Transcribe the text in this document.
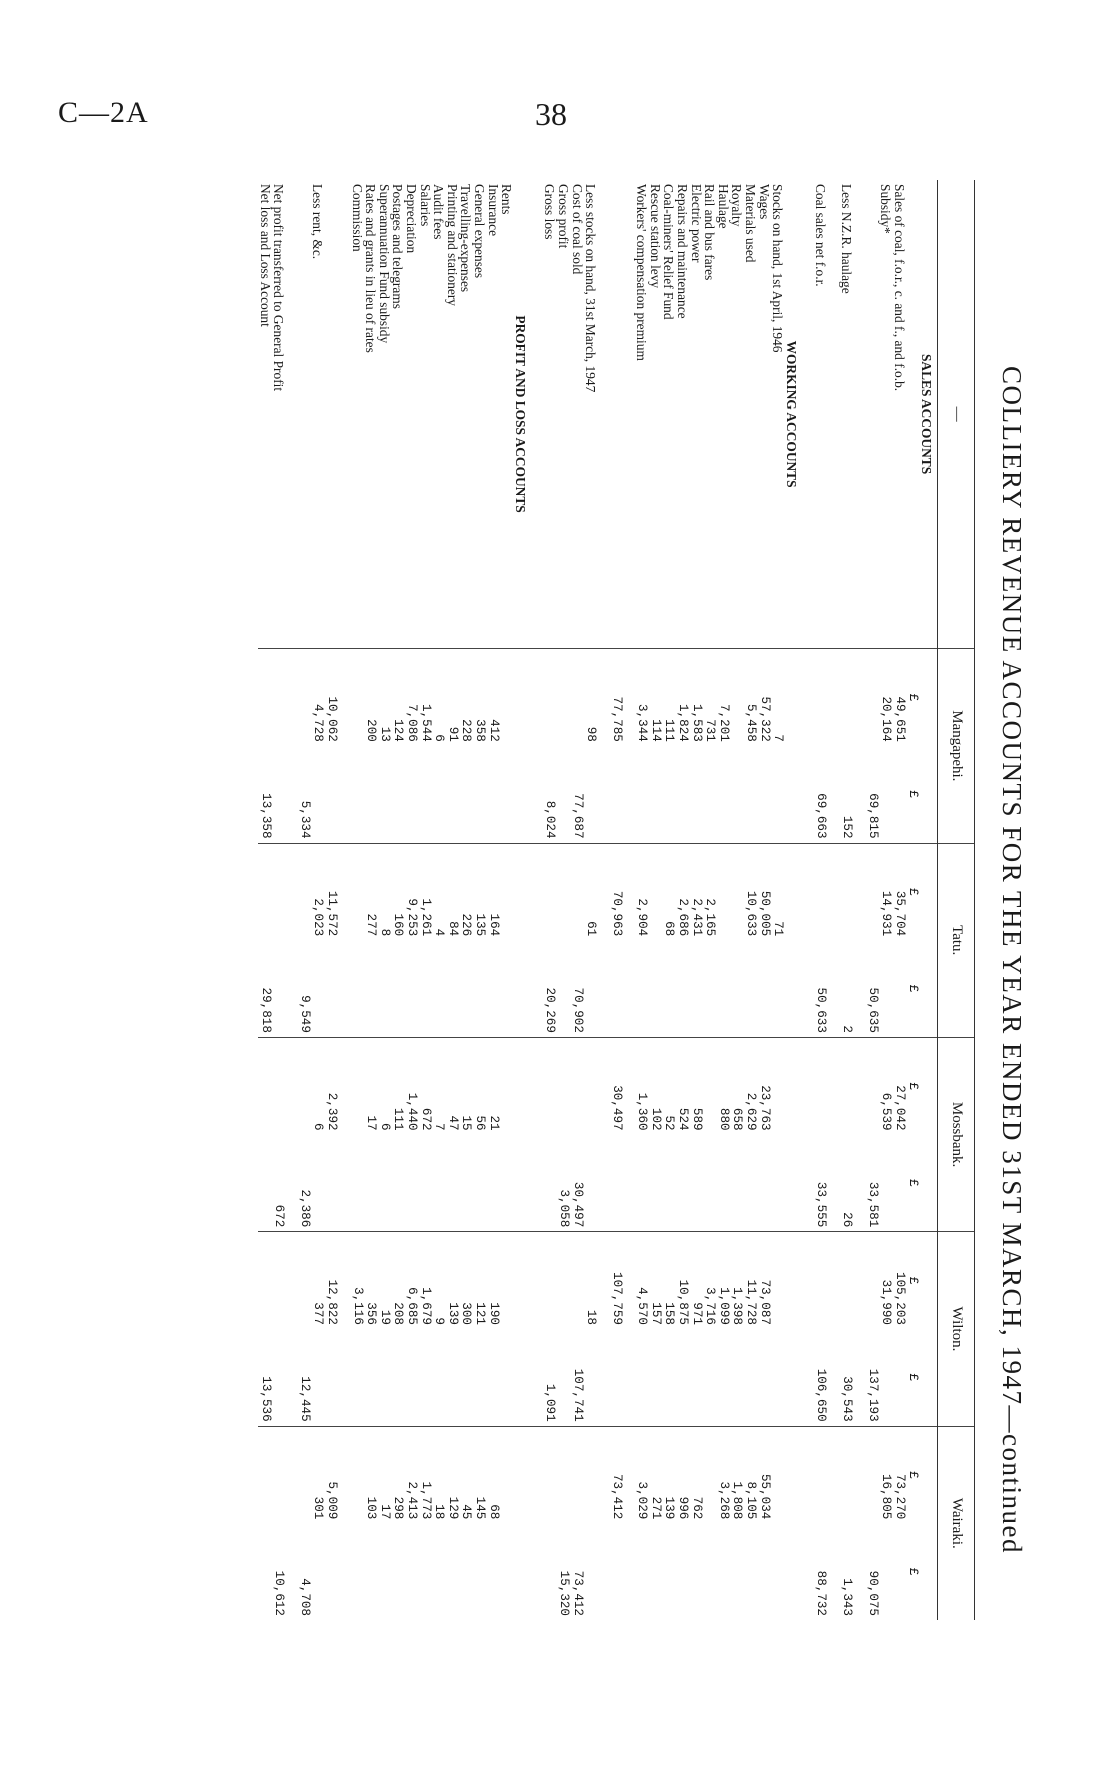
C—2A	38
COLLIERY REVENUE ACCOUNTS FOR THE YEAR ENDED 31ST MARCH, 1947—continued
—	Mangapehi.		Tatu.		Mossbank.		Wilton.		Wairaki.	
SALES ACCOUNTS										
	£	£	£	£	£	£	£	£	£	£
Sales of coal, f.o.r., c. and f., and f.o.b.	49,651		35,704		27,042		105,203		73,270	
Subsidy*	20,164		14,931		6,539		31,990		16,805	
		69,815		50,635		33,581		137,193		90,075

Less N.Z.R. haulage		152		2		26		30,543		1,343

Coal sales net f.o.r.		69,663		50,633		33,555		106,650		88,732

WORKING ACCOUNTS										
Stocks on hand, 1st April, 1946	7		71							
Wages	57,322		50,005		23,763		73,087		55,034	
Materials used	5,458		10,633		2,629		11,728		8,105	
Royalty					658		1,398		1,808	
Haulage	7,201				880		1,099		3,268	
Rail and bus fares	731		2,165				3,716			
Electric power	1,583		2,431		589		971		762	
Repairs and maintenance	1,824		2,686		524		10,875		996	
Coal-miners' Relief Fund	111		68		52		158		139	
Rescue station levy	114				102		157		271	
Workers' compensation premium	3,344		2,904		1,360		4,570		3,029	

	77,785		70,963		30,497		107,759		73,412	

Less stocks on hand, 31st March, 1947	98		61				18			
Cost of coal sold		77,687		70,902		30,497		107,741		73,412
Gross profit						3,058				15,320
Gross loss		8,024		20,269				1,091		

PROFIT AND LOSS ACCOUNTS										
Rents										
Insurance	412		164		21		190		68	
General expenses	358		135		56		121		145	
Travelling-expenses	228		226		15		300		45	
Printing and stationery	91		84		47		139		129	
Audit fees	6		4		7		9		18	
Salaries	1,544		1,261		672		1,679		1,773	
Depreciation	7,086		9,253		1,440		6,685		2,413	
Postages and telegrams	124		160		111		208		298	
Superannuation Fund subsidy	13		8		6		19		17	
Rates and grants in lieu of rates	200		277		17		356		103	
Commission							3,116			

	10,062		11,572		2,392		12,822		5,009	
Less rent, &c.	4,728		2,023		6		377		301	
		5,334		9,549		2,386		12,445		4,708

Net profit transferred to General Profit						672				10,612
Net loss and Loss Account		13,358		29,818				13,536		
